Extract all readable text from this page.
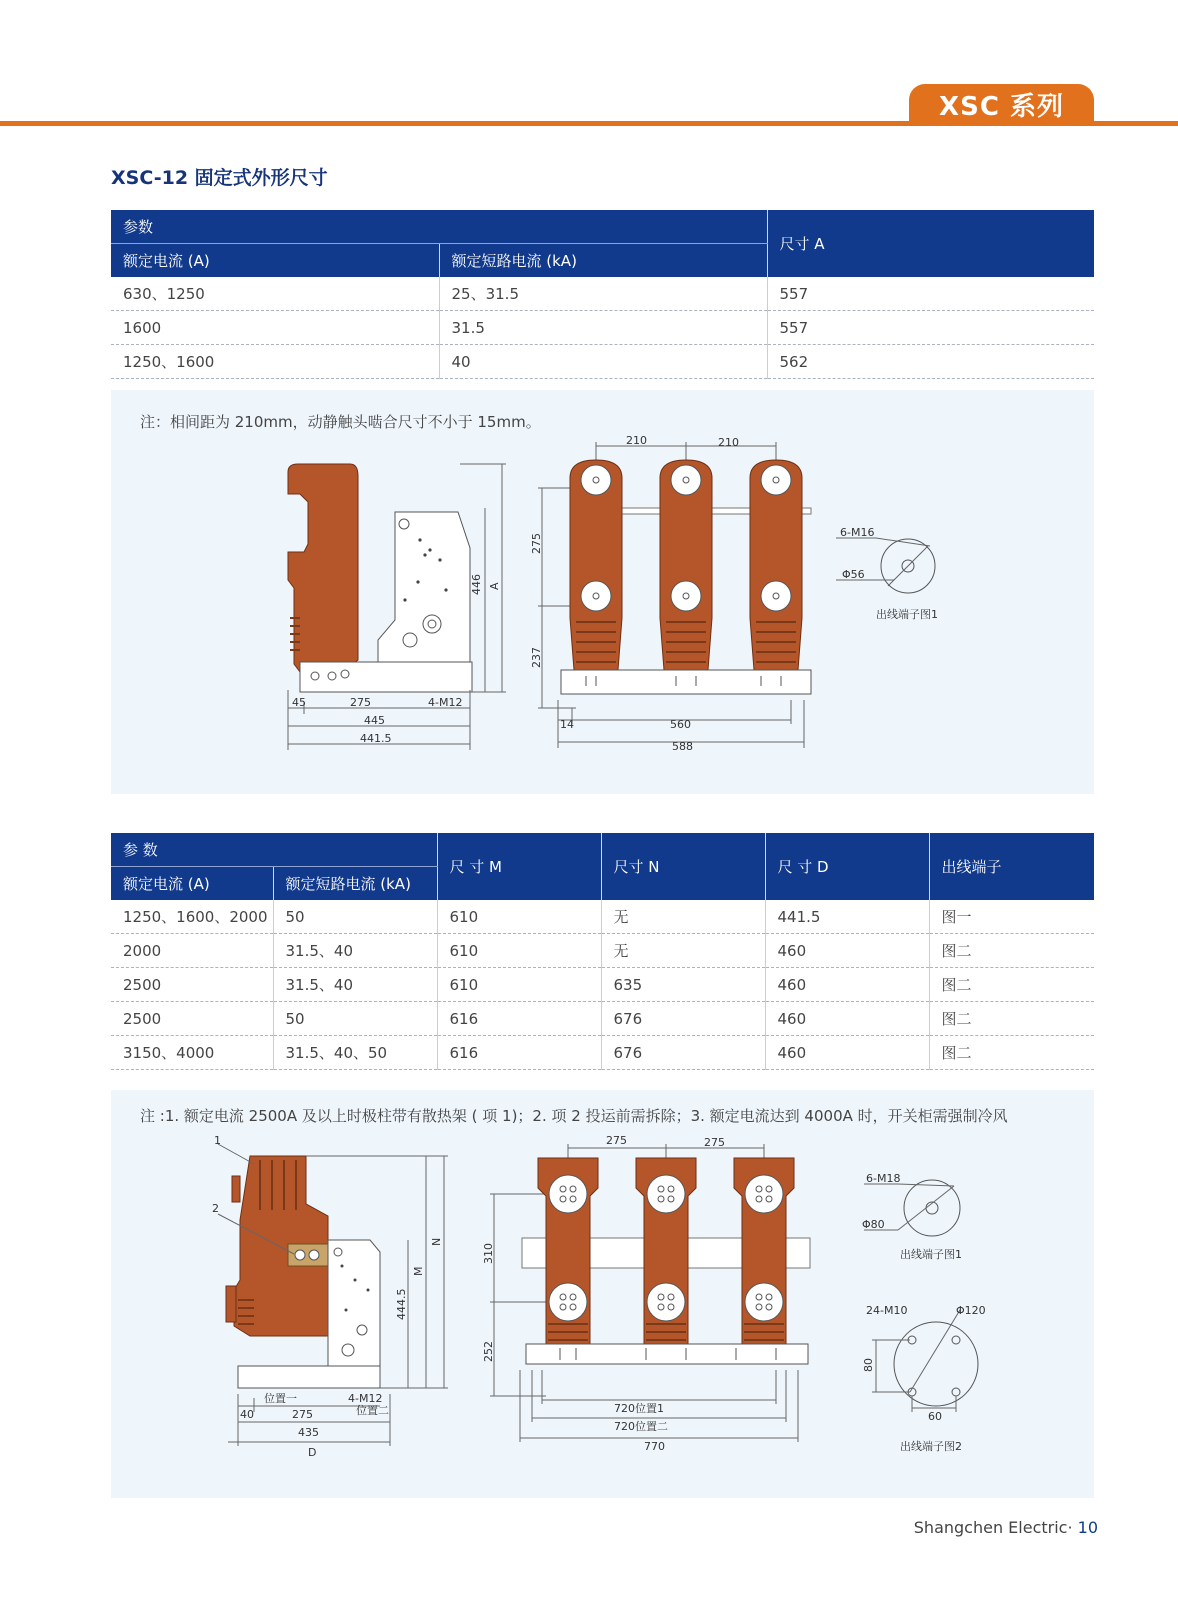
XSC 系列
XSC-12 固定式外形尺寸
参数		尺寸 A
额定电流 (A)	额定短路电流 (kA)	
630、1250	25、31.5	557
1600	31.5	557
1250、1600	40	562
注：相间距为 210mm，动静触头啮合尺寸不小于 15mm。
446 A
45	275	4-M12
445
441.5
210	210
275
237
14	560
588
6-M16
Φ56
出线端子图1
参 数		尺 寸 M	尺寸 N	尺 寸 D	出线端子
额定电流 (A)	额定短路电流 (kA)				
1250、1600、2000	50	610	无	441.5	图一
2000	31.5、40	610	无	460	图二
2500	31.5、40	610	635	460	图二
2500	50	616	676	460	图二
3150、4000	31.5、40、50	616	676	460	图二
注 :1. 额定电流 2500A 及以上时极柱带有散热架 ( 项 1)；2. 项 2 投运前需拆除；3. 额定电流达到 4000A 时，开关柜需强制冷风
1
2
444.5
M
N
位置一	4-M12
位置二
40	275
435
D
275	275
310
252
720位置1
720位置二
770
6-M18
Φ80
出线端子图1
24-M10	Φ120
80
60
出线端子图2
Shangchen Electric· 10
